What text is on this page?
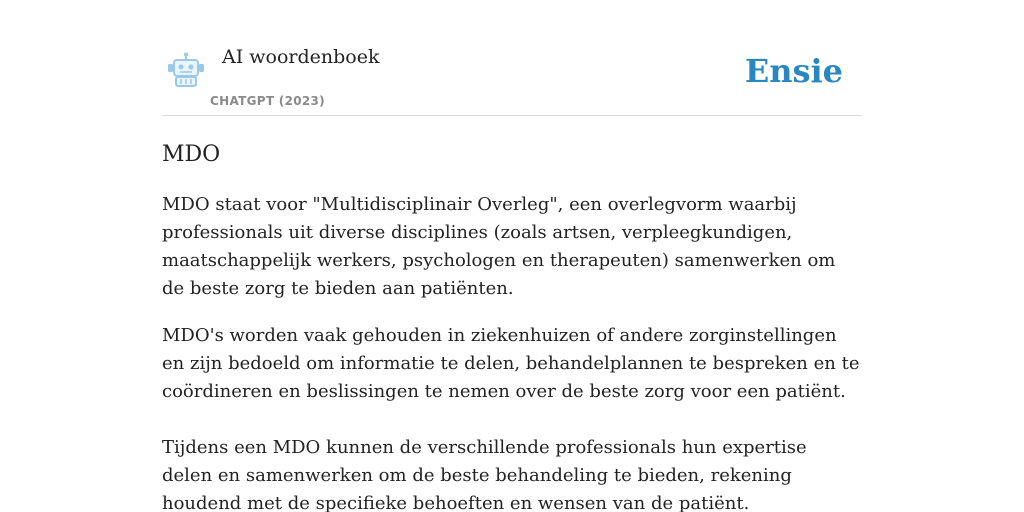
AI woordenboek
CHATGPT (2023)
Ensie
MDO

MDO staat voor "Multidisciplinair Overleg", een overlegvorm waarbij professionals uit diverse disciplines (zoals artsen, verpleegkundigen, maatschappelijk werkers, psychologen en therapeuten) samenwerken om de beste zorg te bieden aan patiënten.

MDO's worden vaak gehouden in ziekenhuizen of andere zorginstellingen en zijn bedoeld om informatie te delen, behandelplannen te bespreken en te coördineren en beslissingen te nemen over de beste zorg voor een patiënt.

Tijdens een MDO kunnen de verschillende professionals hun expertise delen en samenwerken om de beste behandeling te bieden, rekening houdend met de specifieke behoeften en wensen van de patiënt.
